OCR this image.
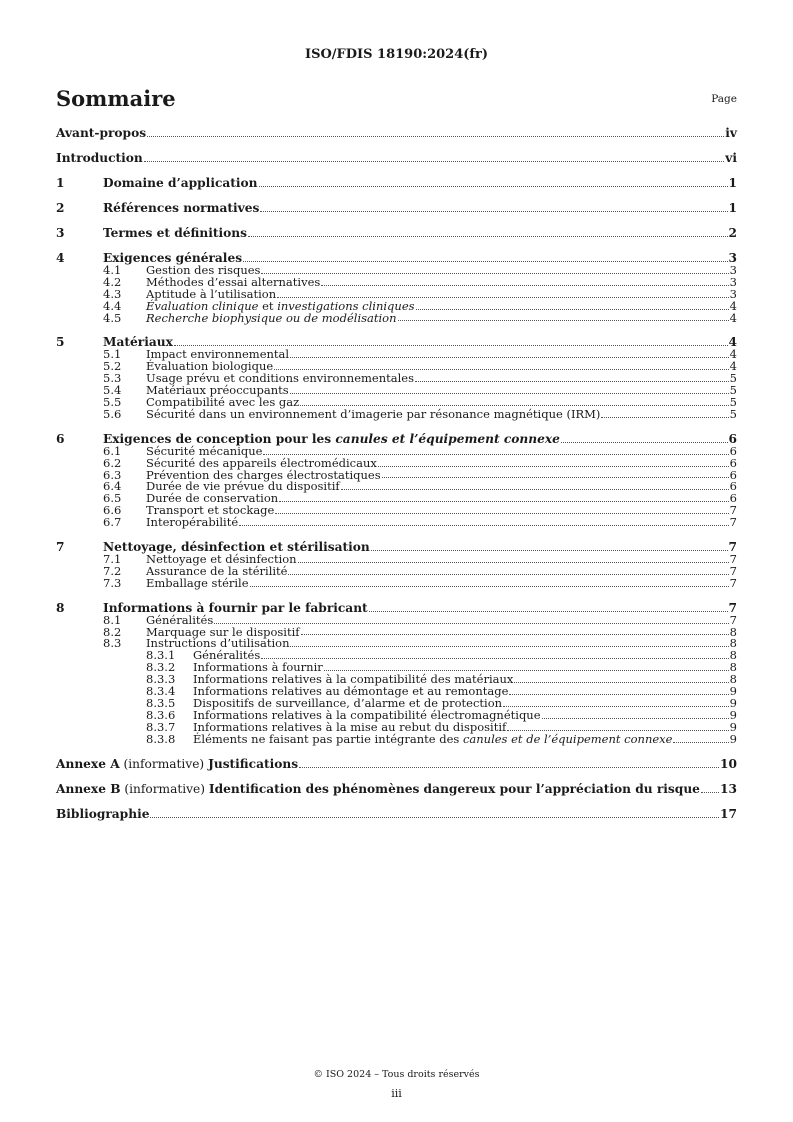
ISO/FDIS 18190:2024(fr)
Sommaire	Page
Avant-propos	iv
Introduction	vi
1	Domaine d’application	1
2	Références normatives	1
3	Termes et définitions	2
4	Exigences générales	3
4.1	Gestion des risques	3
4.2	Méthodes d’essai alternatives	3
4.3	Aptitude à l’utilisation	3
4.4	Évaluation clinique et investigations cliniques	4
4.5	Recherche biophysique ou de modélisation	4
5	Matériaux	4
5.1	Impact environnemental	4
5.2	Évaluation biologique	4
5.3	Usage prévu et conditions environnementales	5
5.4	Matériaux préoccupants	5
5.5	Compatibilité avec les gaz	5
5.6	Sécurité dans un environnement d’imagerie par résonance magnétique (IRM)	5
6	Exigences de conception pour les canules et l’équipement connexe	6
6.1	Sécurité mécanique	6
6.2	Sécurité des appareils électromédicaux	6
6.3	Prévention des charges électrostatiques	6
6.4	Durée de vie prévue du dispositif	6
6.5	Durée de conservation	6
6.6	Transport et stockage	7
6.7	Interopérabilité	7
7	Nettoyage, désinfection et stérilisation	7
7.1	Nettoyage et désinfection	7
7.2	Assurance de la stérilité	7
7.3	Emballage stérile	7
8	Informations à fournir par le fabricant	7
8.1	Généralités	7
8.2	Marquage sur le dispositif	8
8.3	Instructions d’utilisation	8
8.3.1	Généralités	8
8.3.2	Informations à fournir	8
8.3.3	Informations relatives à la compatibilité des matériaux	8
8.3.4	Informations relatives au démontage et au remontage	9
8.3.5	Dispositifs de surveillance, d’alarme et de protection	9
8.3.6	Informations relatives à la compatibilité électromagnétique	9
8.3.7	Informations relatives à la mise au rebut du dispositif	9
8.3.8	Éléments ne faisant pas partie intégrante des canules et de l’équipement connexe	9
Annexe A (informative) Justifications	10
Annexe B (informative) Identification des phénomènes dangereux pour l’appréciation du risque 13
Bibliographie	17
© ISO 2024 – Tous droits réservés
iii
